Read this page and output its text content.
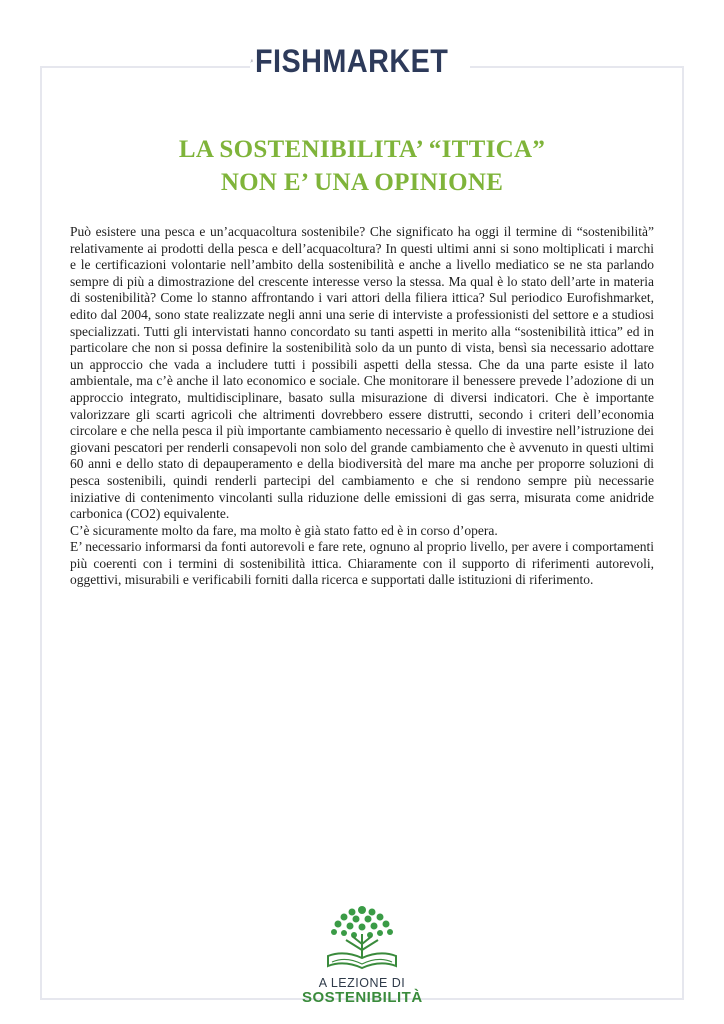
EURO FISHMARKET
LA SOSTENIBILITA’ “ITTICA”
NON E’ UNA OPINIONE

Può esistere una pesca e un’acquacoltura sostenibile? Che significato ha oggi il termine di “sostenibilità” relativamente ai prodotti della pesca e dell’acquacoltura? In questi ultimi anni si sono moltiplicati i marchi e le certificazioni volontarie nell’ambito della sostenibilità e anche a livello mediatico se ne sta parlando sempre di più a dimostrazione del crescente interesse verso la stessa. Ma qual è lo stato dell’arte in materia di sostenibilità? Come lo stanno affrontando i vari attori della filiera ittica? Sul periodico Eurofishmarket, edito dal 2004, sono state realizzate negli anni una serie di interviste a professionisti del settore e a studiosi specializzati. Tutti gli intervistati hanno concordato su tanti aspetti in merito alla “sostenibilità ittica” ed in particolare che non si possa definire la sostenibilità solo da un punto di vista, bensì sia necessario adottare un approccio che vada a includere tutti i possibili aspetti della stessa. Che da una parte esiste il lato ambientale, ma c’è anche il lato economico e sociale. Che monitorare il benessere prevede l’adozione di un approccio integrato, multidisciplinare, basato sulla misurazione di diversi indicatori. Che è importante valorizzare gli scarti agricoli che altrimenti dovrebbero essere distrutti, secondo i criteri dell’economia circolare e che nella pesca il più importante cambiamento necessario è quello di investire nell’istruzione dei giovani pescatori per renderli consapevoli non solo del grande cambiamento che è avvenuto in questi ultimi 60 anni e dello stato di depauperamento e della biodiversità del mare ma anche per proporre soluzioni di pesca sostenibili, quindi renderli partecipi del cambiamento e che si rendono sempre più necessarie iniziative di contenimento vincolanti sulla riduzione delle emissioni di gas serra, misurata come anidride carbonica (CO2) equivalente.

C’è sicuramente molto da fare, ma molto è già stato fatto ed è in corso d’opera.

E’ necessario informarsi da fonti autorevoli e fare rete, ognuno al proprio livello, per avere i comportamenti più coerenti con i termini di sostenibilità ittica. Chiaramente con il supporto di riferimenti autorevoli, oggettivi, misurabili e verificabili forniti dalla ricerca e supportati dalle istituzioni di riferimento.

A LEZIONE DI
SOSTENIBILITÀ
